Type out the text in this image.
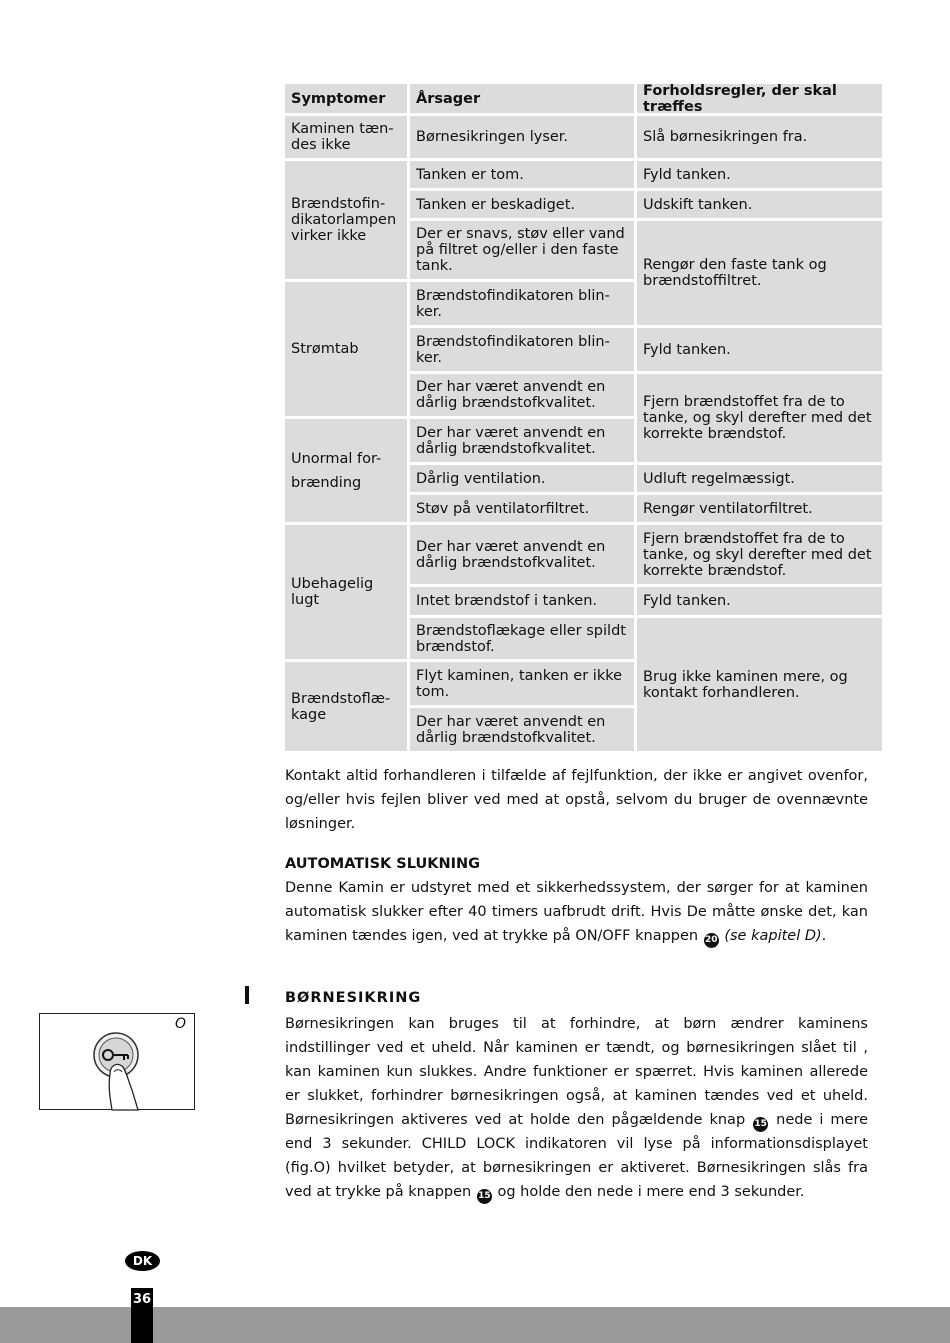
Symptomer	Årsager	Forholdsregler, der skal træffes
Kaminen tæn-
des ikke
Brændstofin-
dikatorlampen
virker ikke
Strømtab
Unormal for-

brænding
Ubehagelig
lugt
Brændstoflæ-
kage
Børnesikringen lyser.
Tanken er tom.
Tanken er beskadiget.
Der er snavs, støv eller vand
på filtret og/eller i den faste
tank.
Brændstofindikatoren blin-
ker.
Brændstofindikatoren blin-
ker.
Der har været anvendt en
dårlig brændstofkvalitet.
Der har været anvendt en
dårlig brændstofkvalitet.
Dårlig ventilation.
Støv på ventilatorfiltret.
Der har været anvendt en
dårlig brændstofkvalitet.
Intet brændstof i tanken.
Brændstoflækage eller spildt
brændstof.
Flyt kaminen, tanken er ikke
tom.
Der har været anvendt en
dårlig brændstofkvalitet.
Slå børnesikringen fra.
Fyld tanken.
Udskift tanken.
Rengør den faste tank og
brændstoffiltret.
Fyld tanken.
Fjern brændstoffet fra de to
tanke, og skyl derefter med det
korrekte brændstof.
Udluft regelmæssigt.
Rengør ventilatorfiltret.
Fjern brændstoffet fra de to
tanke, og skyl derefter med det
korrekte brændstof.
Fyld tanken.
Brug ikke kaminen mere, og
kontakt forhandleren.

Kontakt altid forhandleren i tilfælde af fejlfunktion, der ikke er angivet ovenfor, og/eller hvis fejlen bliver ved med at opstå, selvom du bruger de ovennævnte løsninger.

AUTOMATISK SLUKNING

Denne Kamin er udstyret med et sikkerhedssystem, der sørger for at kaminen automatisk slukker efter 40 timers uafbrudt drift. Hvis De måtte ønske det, kan kaminen tændes igen, ved at trykke på ON/OFF knappen 20 (se kapitel D).

BØRNESIKRING

Børnesikringen kan bruges til at forhindre, at børn ændrer kaminens indstillinger ved et uheld. Når kaminen er tændt, og børnesikringen slået til , kan kaminen kun slukkes. Andre funktioner er spærret. Hvis kaminen allerede er slukket, forhindrer børnesikringen også, at kaminen tændes ved et uheld. Børnesikringen aktiveres ved at holde den pågældende knap 15 nede i mere end 3 sekunder. CHILD LOCK indikatoren vil lyse på informationsdisplayet (fig.O) hvilket betyder, at børnesikringen er aktiveret. Børnesikringen slås fra ved at trykke på knappen 15 og holde den nede i mere end 3 sekunder.

O
DK
36
